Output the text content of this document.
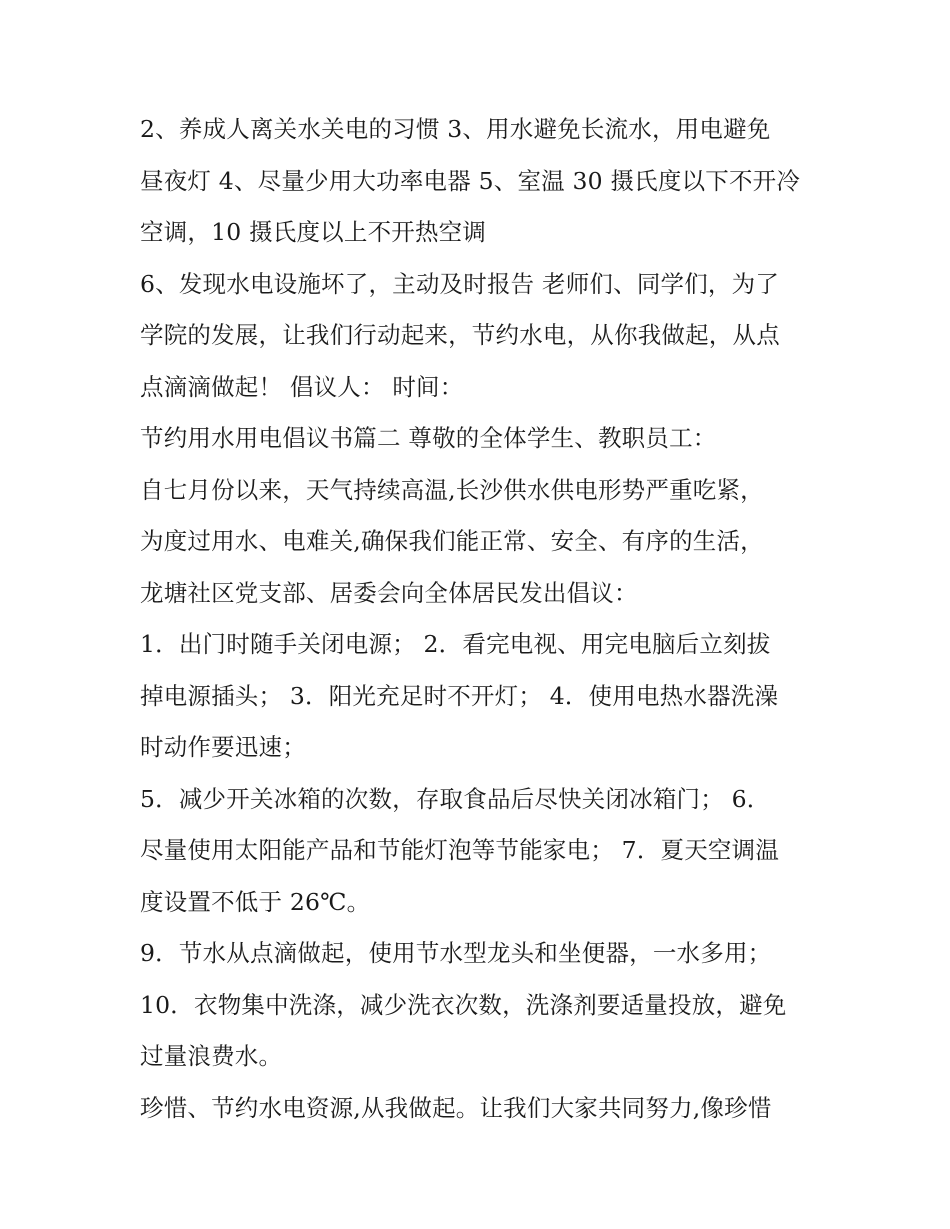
2、养成人离关水关电的习惯 3、用水避免长流水，用电避免
昼夜灯 4、尽量少用大功率电器 5、室温 30 摄氏度以下不开冷
空调，10 摄氏度以上不开热空调
6、发现水电设施坏了，主动及时报告 老师们、同学们，为了
学院的发展，让我们行动起来，节约水电，从你我做起，从点
点滴滴做起！ 倡议人： 时间：
节约用水用电倡议书篇二 尊敬的全体学生、教职员工：
自七月份以来，天气持续高温,长沙供水供电形势严重吃紧，
为度过用水、电难关,确保我们能正常、安全、有序的生活，
龙塘社区党支部、居委会向全体居民发出倡议：
1．出门时随手关闭电源； 2．看完电视、用完电脑后立刻拔
掉电源插头； 3．阳光充足时不开灯； 4．使用电热水器洗澡
时动作要迅速；
5．减少开关冰箱的次数，存取食品后尽快关闭冰箱门； 6．
尽量使用太阳能产品和节能灯泡等节能家电； 7．夏天空调温
度设置不低于 26℃。
9．节水从点滴做起，使用节水型龙头和坐便器，一水多用；
10．衣物集中洗涤，减少洗衣次数，洗涤剂要适量投放，避免
过量浪费水。
珍惜、节约水电资源,从我做起。让我们大家共同努力,像珍惜
